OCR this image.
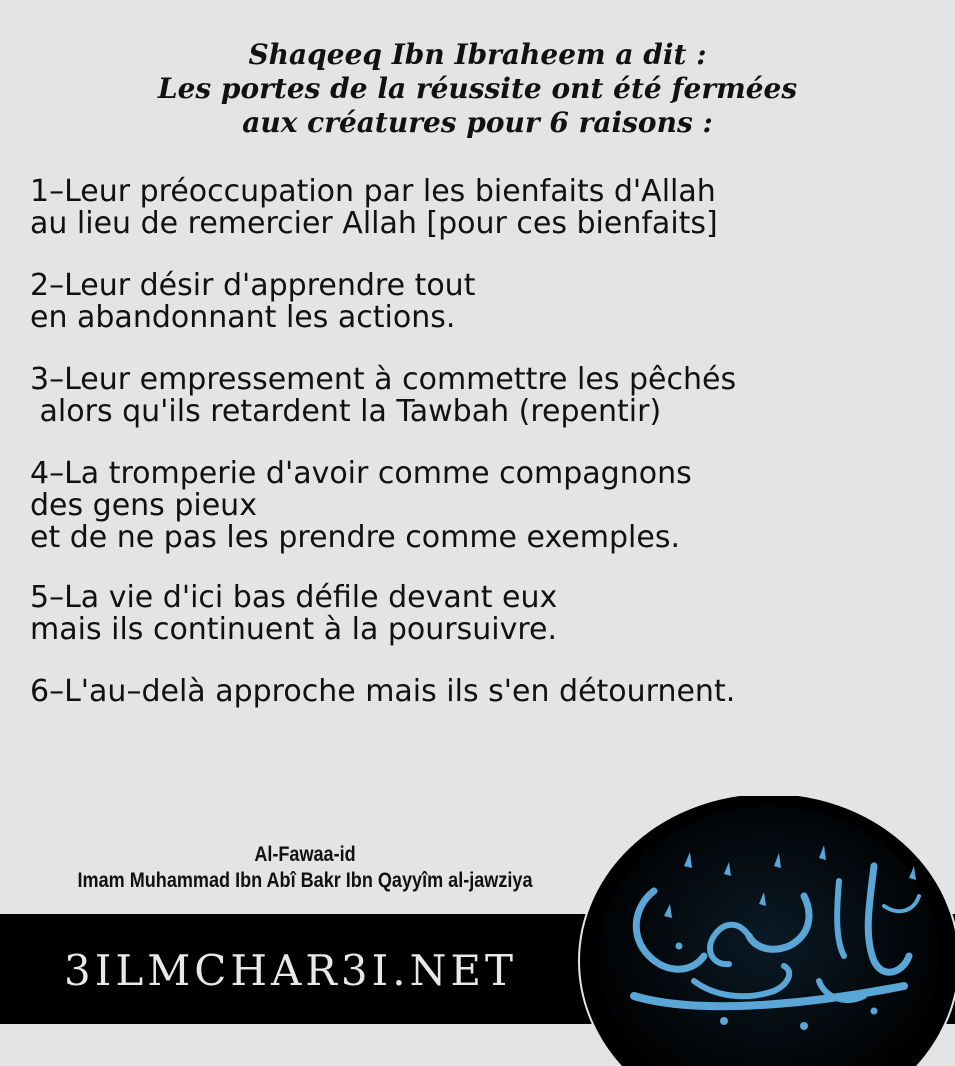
Shaqeeq Ibn Ibraheem a dit :
Les portes de la réussite ont été fermées
aux créatures pour 6 raisons :
1–Leur préoccupation par les bienfaits d'Allah
au lieu de remercier Allah [pour ces bienfaits]
2–Leur désir d'apprendre tout
en abandonnant les actions.
3–Leur empressement à commettre les pêchés
alors qu'ils retardent la Tawbah (repentir)
4–La tromperie d'avoir comme compagnons
des gens pieux
et de ne pas les prendre comme exemples.
5–La vie d'ici bas défile devant eux
mais ils continuent à la poursuivre.
6–L'au–delà approche mais ils s'en détournent.
Al-Fawaa-id
Imam Muhammad Ibn Abî Bakr Ibn Qayyîm al-jawziya
3ILMCHAR3I.NET
